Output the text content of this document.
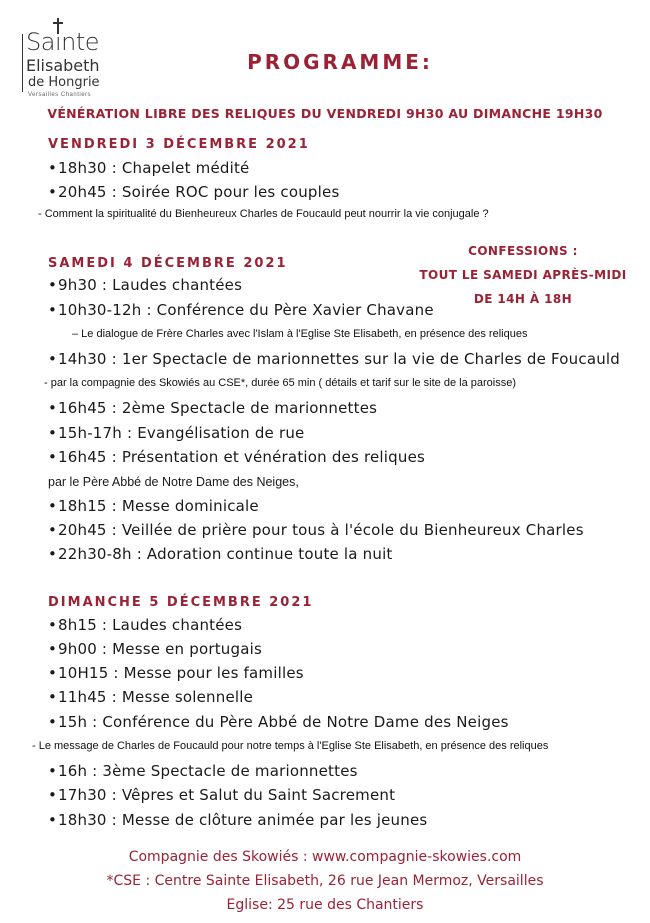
Sainte
Elisabeth
de Hongrie
Versailles Chantiers
PROGRAMME:
VÉNÉRATION LIBRE DES RELIQUES DU VENDREDI 9H30 AU DIMANCHE 19H30
VENDREDI 3 DÉCEMBRE 2021
•18h30 : Chapelet médité
•20h45 : Soirée ROC pour les couples
- Comment la spiritualité du Bienheureux Charles de Foucauld peut nourrir la vie conjugale ?
CONFESSIONS :
TOUT LE SAMEDI APRÈS-MIDI
DE 14H À 18H
SAMEDI 4 DÉCEMBRE 2021
•9h30 : Laudes chantées
•10h30-12h : Conférence du Père Xavier Chavane
– Le dialogue de Frère Charles avec l'Islam à l'Eglise Ste Elisabeth, en présence des reliques
•14h30 : 1er Spectacle de marionnettes sur la vie de Charles de Foucauld
- par la compagnie des Skowiés au CSE*, durée 65 min ( détails et tarif sur le site de la paroisse)
•16h45 : 2ème Spectacle de marionnettes
•15h-17h : Evangélisation de rue
•16h45 : Présentation et vénération des reliques
par le Père Abbé de Notre Dame des Neiges,
•18h15 : Messe dominicale
•20h45 : Veillée de prière pour tous à l'école du Bienheureux Charles
•22h30-8h : Adoration continue toute la nuit
DIMANCHE 5 DÉCEMBRE 2021
•8h15 : Laudes chantées
•9h00 : Messe en portugais
•10H15 : Messe pour les familles
•11h45 : Messe solennelle
•15h : Conférence du Père Abbé de Notre Dame des Neiges
- Le message de Charles de Foucauld pour notre temps à l'Eglise Ste Elisabeth, en présence des reliques
•16h : 3ème Spectacle de marionnettes
•17h30 : Vêpres et Salut du Saint Sacrement
•18h30 : Messe de clôture animée par les jeunes
Compagnie des Skowiés : www.compagnie-skowies.com
*CSE : Centre Sainte Elisabeth, 26 rue Jean Mermoz, Versailles
Eglise: 25 rue des Chantiers
